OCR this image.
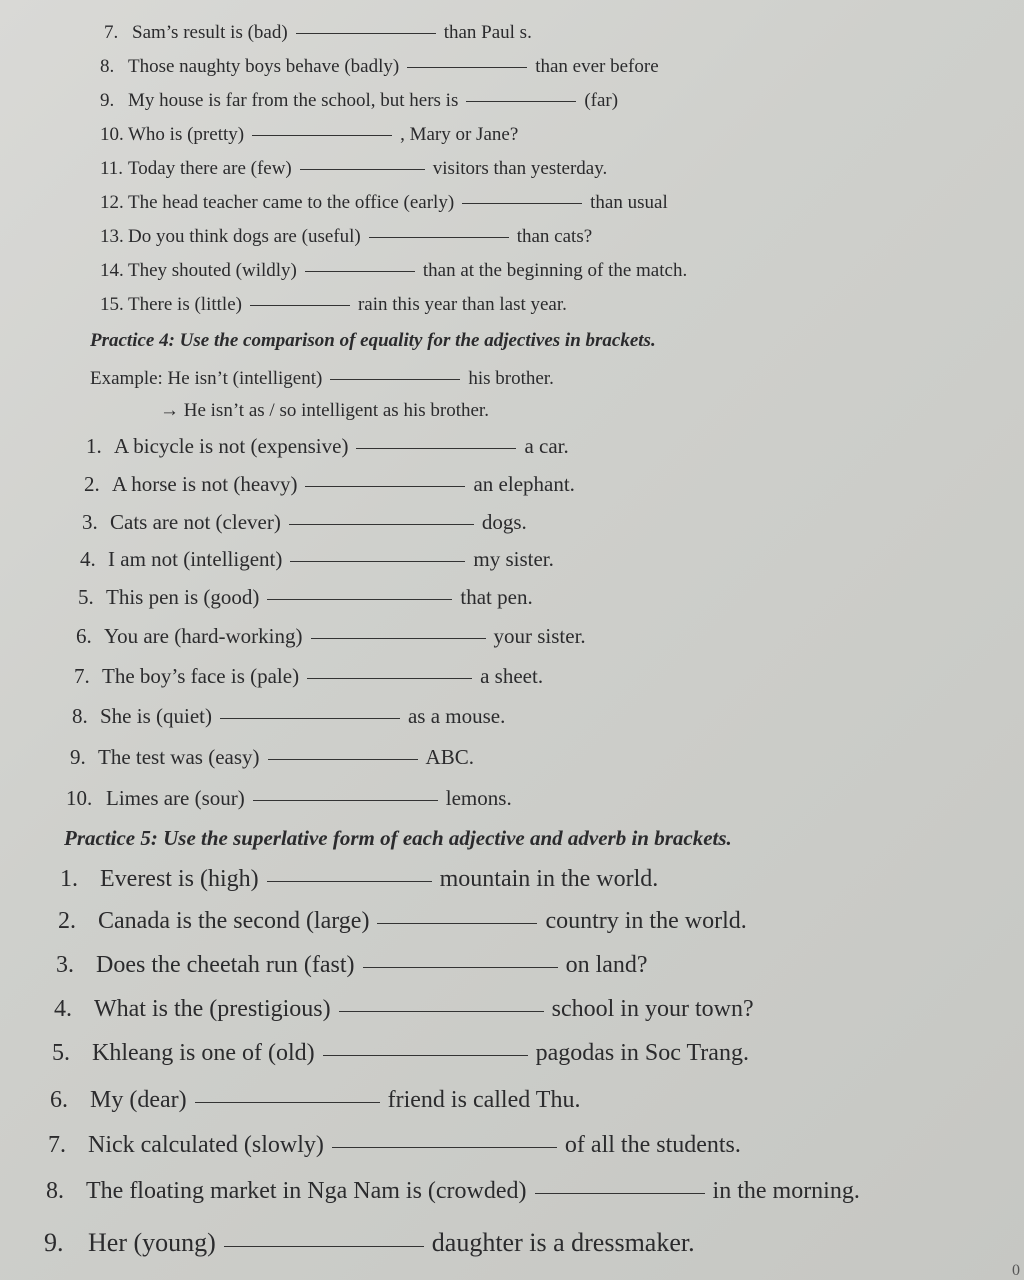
7. Sam’s result is (bad)	than Paul s.
8. Those naughty boys behave (badly)	than ever before
9. My house is far from the school, but hers is	(far)
10. Who is (pretty)	, Mary or Jane?
11. Today there are (few)	visitors than yesterday.
12. The head teacher came to the office (early)	than usual
13. Do you think dogs are (useful)	than cats?
14. They shouted (wildly)	than at the beginning of the match.
15. There is (little)	rain this year than last year.
Practice 4: Use the comparison of equality for the adjectives in brackets.
Example: He isn’t (intelligent)	his brother.
→ He isn’t as / so intelligent as his brother.
1. A bicycle is not (expensive)	a car.
2. A horse is not (heavy)	an elephant.
3. Cats are not (clever)	dogs.
4. I am not (intelligent)	my sister.
5. This pen is (good)	that pen.
6. You are (hard-working)	your sister.
7. The boy’s face is (pale)	a sheet.
8. She is (quiet)	as a mouse.
9. The test was (easy)	ABC.
10. Limes are (sour)	lemons.
Practice 5: Use the superlative form of each adjective and adverb in brackets.
1. Everest is (high)	mountain in the world.
2. Canada is the second (large)	country in the world.
3. Does the cheetah run (fast)	on land?
4. What is the (prestigious)	school in your town?
5. Khleang is one of (old)	pagodas in Soc Trang.
6. My (dear)	friend is called Thu.
7. Nick calculated (slowly)	of all the students.
8. The floating market in Nga Nam is (crowded)	in the morning.
9. Her (young)	daughter is a dressmaker.
0
